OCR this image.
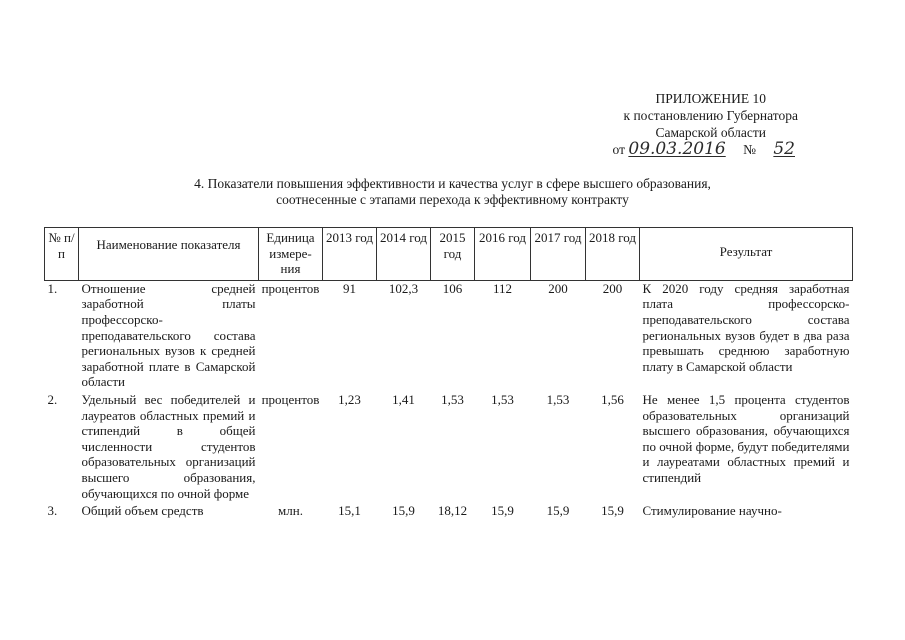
ПРИЛОЖЕНИЕ 10
к постановлению Губернатора
Самарской области
от 09.03.2016 № 52
4. Показатели повышения эффективности и качества услуг в сфере высшего образования,
соотнесенные с этапами перехода к эффективному контракту
№ п/п	Наименование показателя	Единица измере-ния	2013 год	2014 год	2015 год	2016 год	2017 год	2018 год	Результат
1.	Отношение средней заработной платы профессорско-преподавательского состава региональных вузов к средней заработной плате в Самарской области	процентов	91	102,3	106	112	200	200	К 2020 году средняя заработная плата профессорско-преподавательского состава региональных вузов будет в два раза превышать среднюю заработную плату в Самарской области
2.	Удельный вес победителей и лауреатов областных премий и стипендий в общей численности студентов образовательных организаций высшего образования, обучающихся по очной форме	процентов	1,23	1,41	1,53	1,53	1,53	1,56	Не менее 1,5 процента студентов образовательных организаций высшего образования, обучающихся по очной форме, будут победителями и лауреатами областных премий и стипендий
3.	Общий объем средств	млн.	15,1	15,9	18,12	15,9	15,9	15,9	Стимулирование научно-
